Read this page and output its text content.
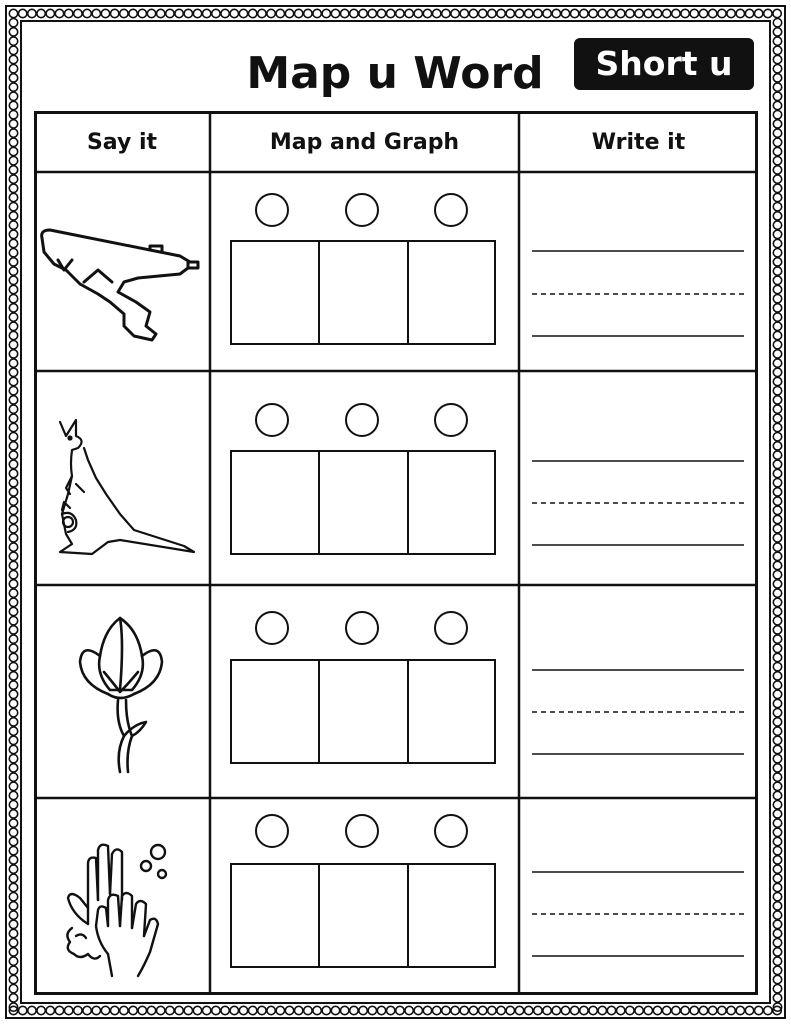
Map u Word	Short u
Say it	Map and Graph	Write it
